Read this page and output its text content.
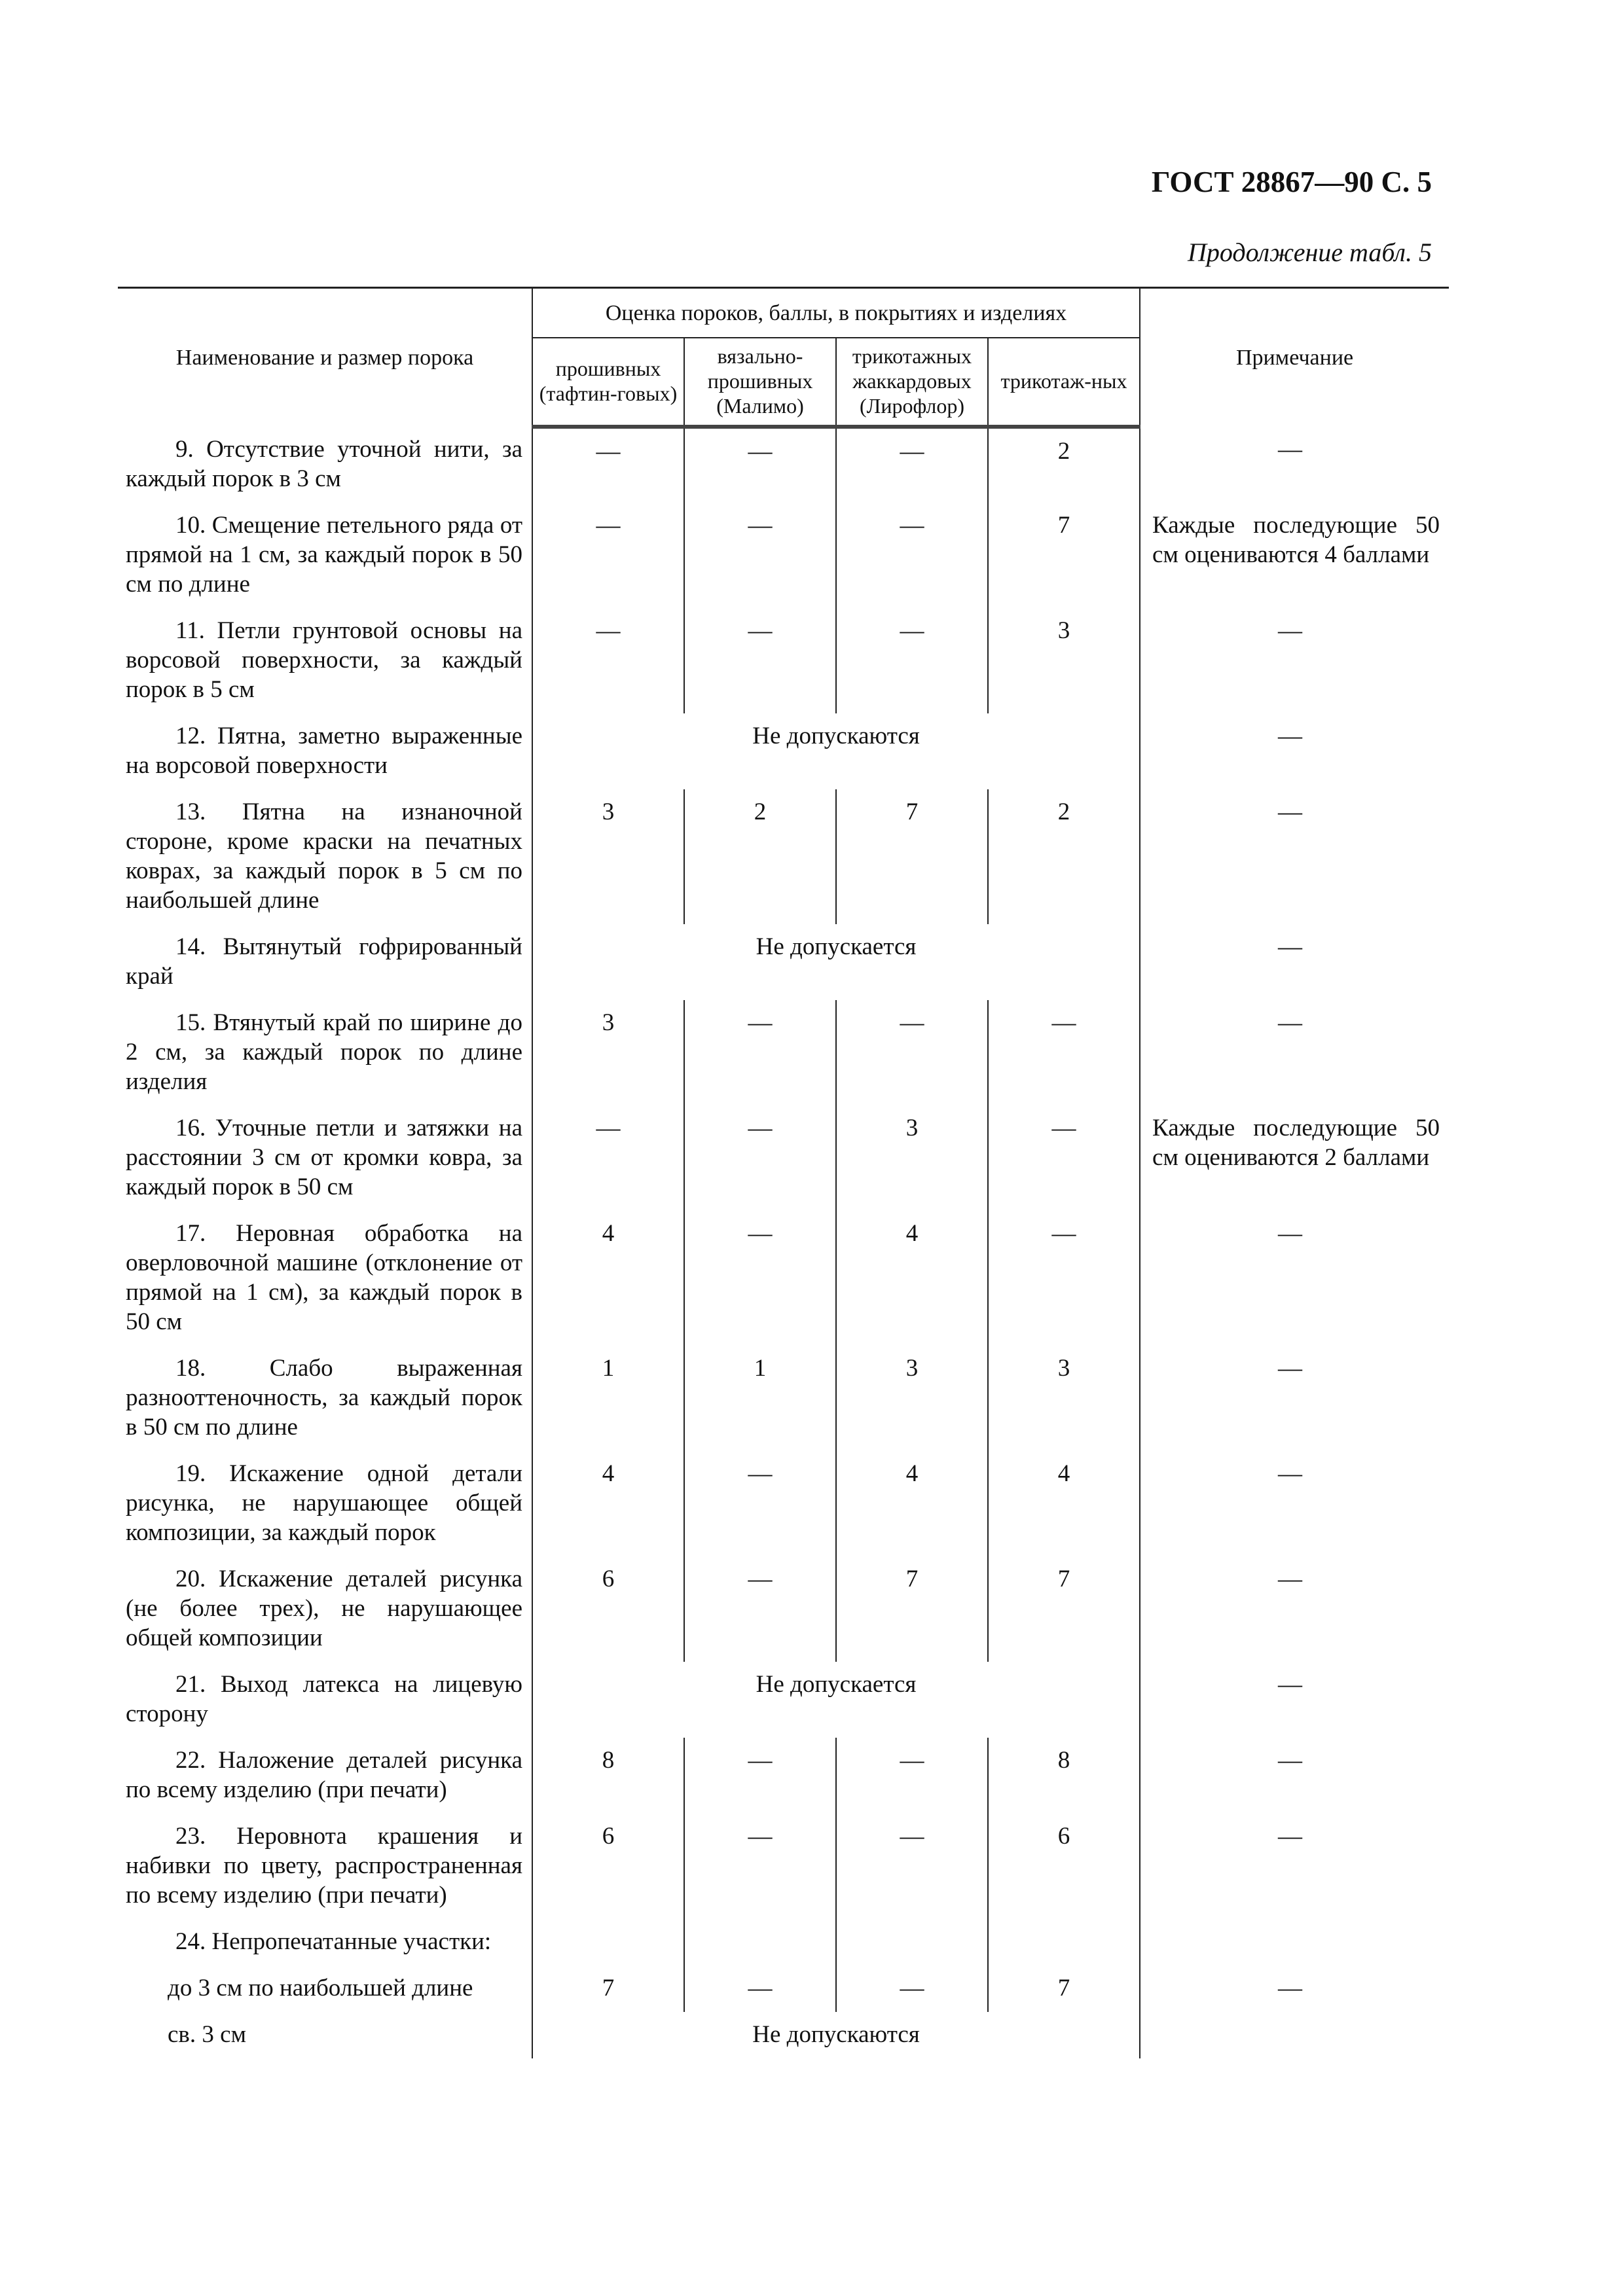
ГОСТ 28867—90 С. 5
Продолжение табл. 5
Наименование и размер порока	Оценка пороков, баллы, в покрытиях и изделиях				Примечание
	прошивных (тафтин-говых)	вязально-прошивных (Малимо)	трикотажных жаккардовых (Лирофлор)	трикотаж-ных	
9. Отсутствие уточной нити, за каждый порок в 3 см	—	—	—	2	—
10. Смещение петельного ряда от прямой на 1 см, за каждый порок в 50 см по длине	—	—	—	7	Каждые последующие 50 см оцениваются 4 баллами
11. Петли грунтовой основы на ворсовой поверхности, за каждый порок в 5 см	—	—	—	3	—
12. Пятна, заметно выраженные на ворсовой поверхности	Не допускаются				—
13. Пятна на изнаночной стороне, кроме краски на печатных коврах, за каждый порок в 5 см по наибольшей длине	3	2	7	2	—
14. Вытянутый гофрированный край	Не допускается				—
15. Втянутый край по ширине до 2 см, за каждый порок по длине изделия	3	—	—	—	—
16. Уточные петли и затяжки на расстоянии 3 см от кромки ковра, за каждый порок в 50 см	—	—	3	—	Каждые последующие 50 см оцениваются 2 баллами
17. Неровная обработка на оверловочной машине (отклонение от прямой на 1 см), за каждый порок в 50 см	4	—	4	—	—
18. Слабо выраженная разнооттеночность, за каждый порок в 50 см по длине	1	1	3	3	—
19. Искажение одной детали рисунка, не нарушающее общей композиции, за каждый порок	4	—	4	4	—
20. Искажение деталей рисунка (не более трех), не нарушающее общей композиции	6	—	7	7	—
21. Выход латекса на лицевую сторону	Не допускается				—
22. Наложение деталей рисунка по всему изделию (при печати)	8	—	—	8	—
23. Неровнота крашения и набивки по цвету, распространенная по всему изделию (при печати)	6	—	—	6	—
24. Непропечатанные участки:					
до 3 см по наибольшей длине	7	—	—	7	—
св. 3 см	Не допускаются				
